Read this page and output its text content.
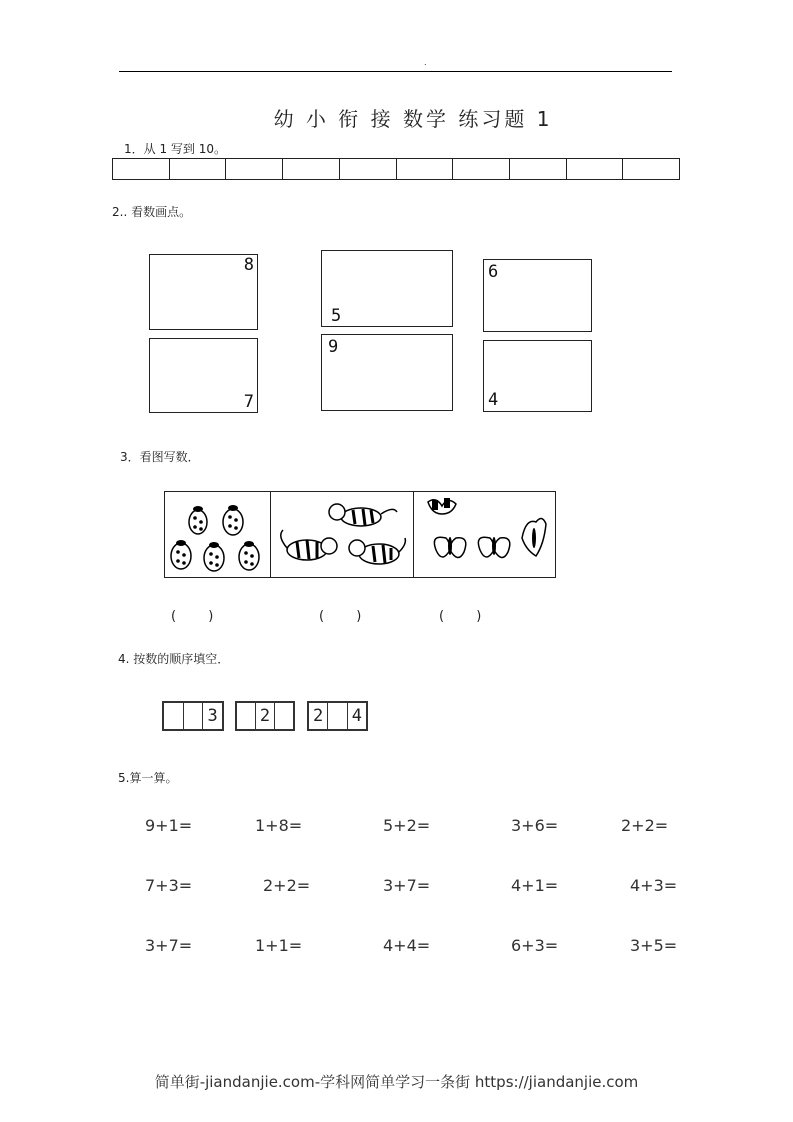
.
幼 小 衔 接 数学 练习题 1
1．从 1 写到 10。
2.. 看数画点。
8
5
6
7
9
4
3．看图写数．
( )	( )	( )
4. 按数的顺序填空．
3 2	2 4
5.算一算。
9+1=	1+8=	5+2=	3+6=	2+2=
7+3=	2+2=	3+7=	4+1=	4+3=
3+7=	1+1=	4+4=	6+3=	3+5=
简单街-jiandanjie.com-学科网简单学习一条街 https://jiandanjie.com
